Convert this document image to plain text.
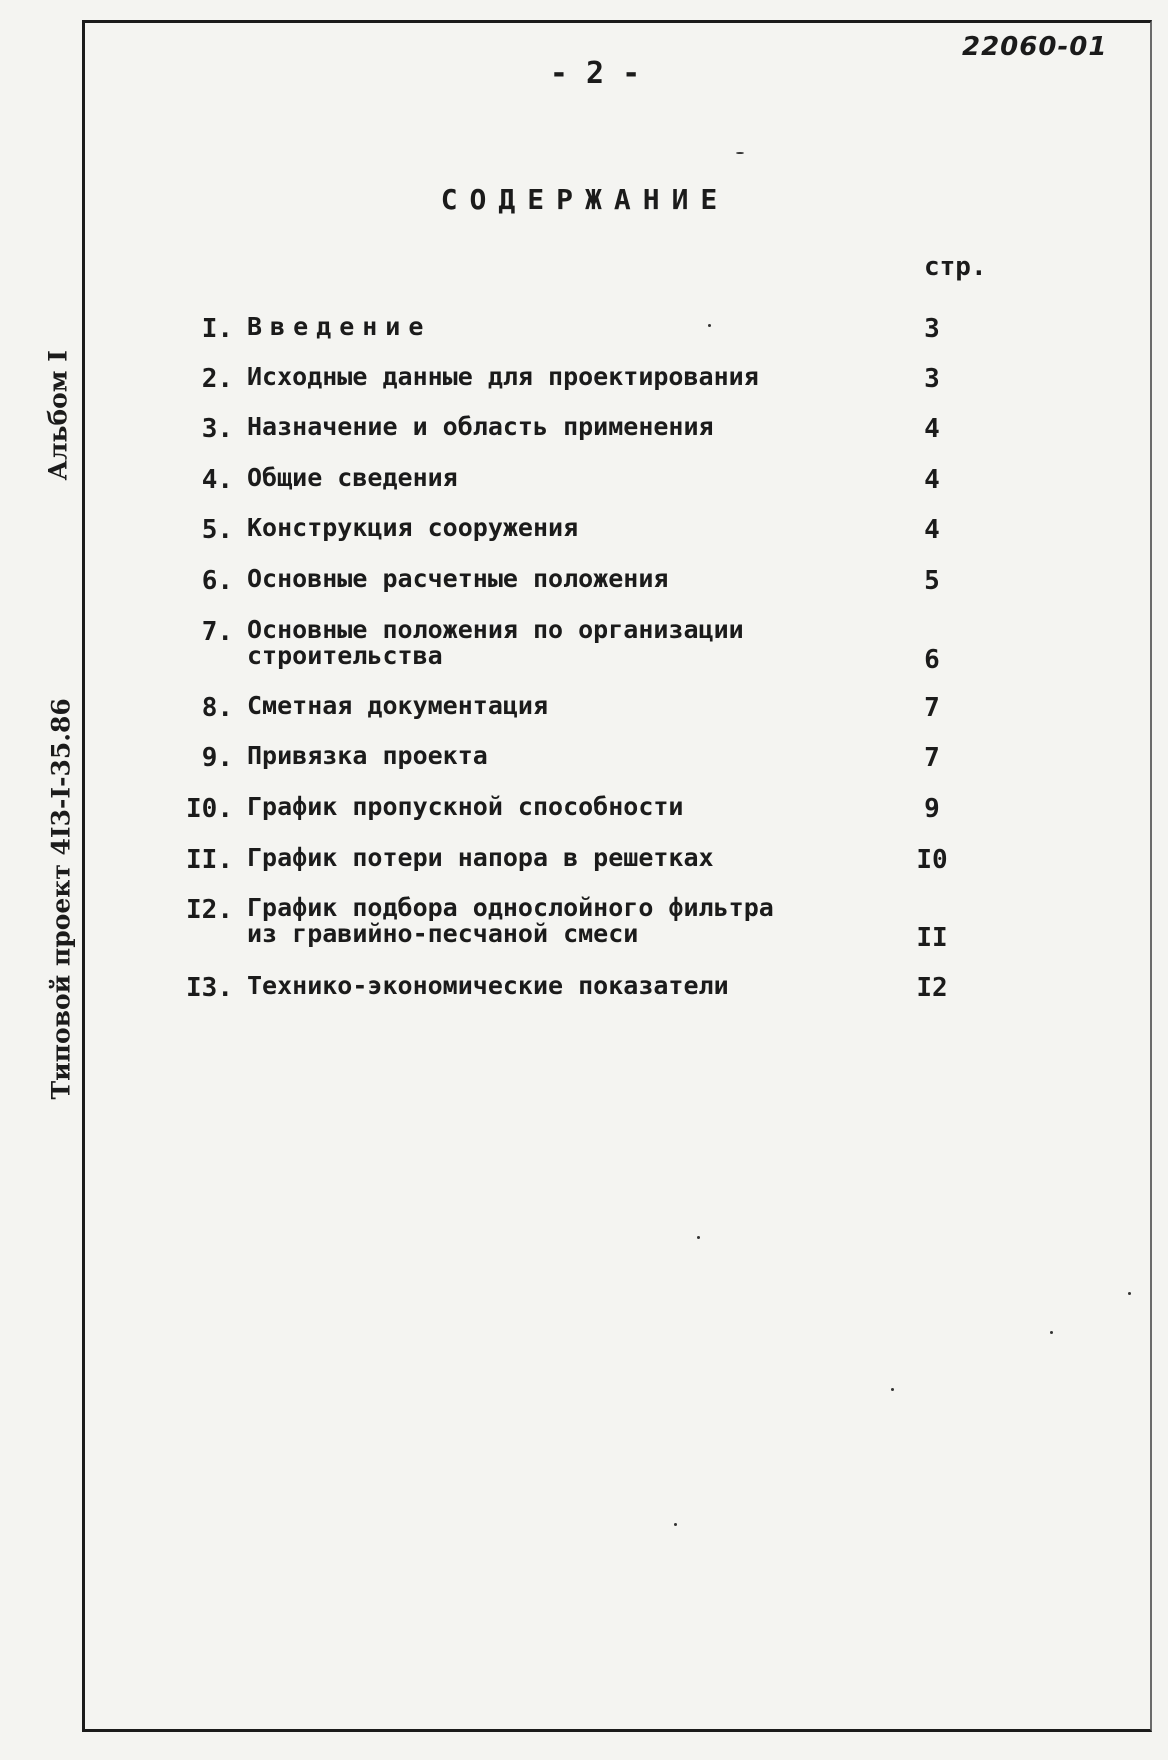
22060-01
- 2 -
СОДЕРЖАНИЕ
стр.
I. Введение	3
2. Исходные данные для проектирования	3
3. Назначение и область применения	4
4. Общие сведения	4
5. Конструкция сооружения	4
6. Основные расчетные положения	5
7. Основные положения по организации
строительства	6
8. Сметная документация	7
9. Привязка проекта	7
I0. График пропускной способности	9
II. График потери напора в решетках	I0
I2. График подбора однослойного фильтра
из гравийно-песчаной смеси	II
I3. Технико-экономические показатели	I2
Альбом I
Типовой проект 4I3-I-35.86
